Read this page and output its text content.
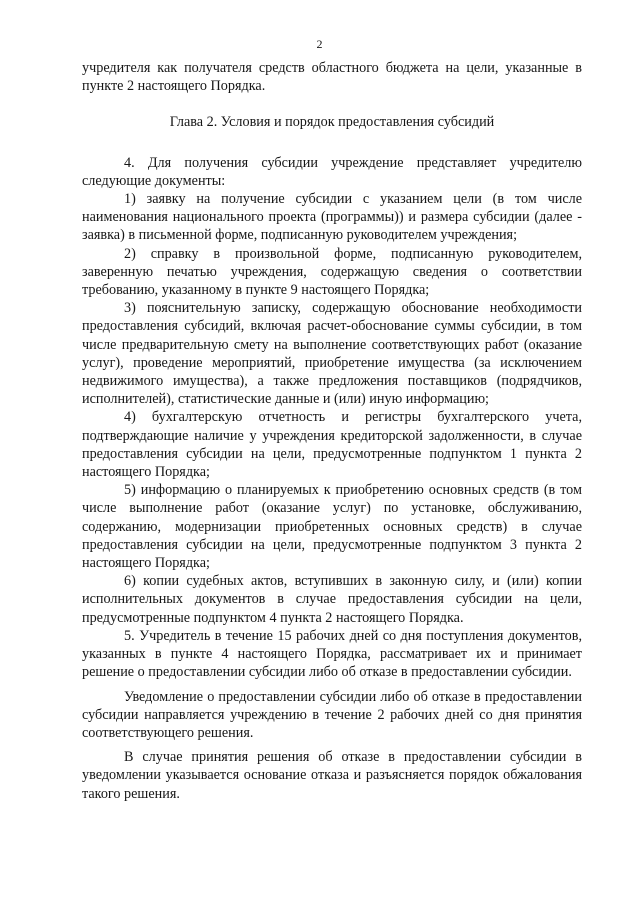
2

учредителя как получателя средств областного бюджета на цели, указанные в пункте 2 настоящего Порядка.

Глава 2. Условия и порядок предоставления субсидий

4. Для получения субсидии учреждение представляет учредителю следующие документы:

1) заявку на получение субсидии с указанием цели (в том числе наименования национального проекта (программы)) и размера субсидии (далее - заявка) в письменной форме, подписанную руководителем учреждения;

2) справку в произвольной форме, подписанную руководителем, заверенную печатью учреждения, содержащую сведения о соответствии требованию, указанному в пункте 9 настоящего Порядка;

3) пояснительную записку, содержащую обоснование необходимости предоставления субсидий, включая расчет-обоснование суммы субсидии, в том числе предварительную смету на выполнение соответствующих работ (оказание услуг), проведение мероприятий, приобретение имущества (за исключением недвижимого имущества), а также предложения поставщиков (подрядчиков, исполнителей), статистические данные и (или) иную информацию;

4) бухгалтерскую отчетность и регистры бухгалтерского учета, подтверждающие наличие у учреждения кредиторской задолженности, в случае предоставления субсидии на цели, предусмотренные подпунктом 1 пункта 2 настоящего Порядка;

5) информацию о планируемых к приобретению основных средств (в том числе выполнение работ (оказание услуг) по установке, обслуживанию, содержанию, модернизации приобретенных основных средств) в случае предоставления субсидии на цели, предусмотренные подпунктом 3 пункта 2 настоящего Порядка;

6) копии судебных актов, вступивших в законную силу, и (или) копии исполнительных документов в случае предоставления субсидии на цели, предусмотренные подпунктом 4 пункта 2 настоящего Порядка.

5. Учредитель в течение 15 рабочих дней со дня поступления документов, указанных в пункте 4 настоящего Порядка, рассматривает их и принимает решение о предоставлении субсидии либо об отказе в предоставлении субсидии.

Уведомление о предоставлении субсидии либо об отказе в предоставлении субсидии направляется учреждению в течение 2 рабочих дней со дня принятия соответствующего решения.

В случае принятия решения об отказе в предоставлении субсидии в уведомлении указывается основание отказа и разъясняется порядок обжалования такого решения.
